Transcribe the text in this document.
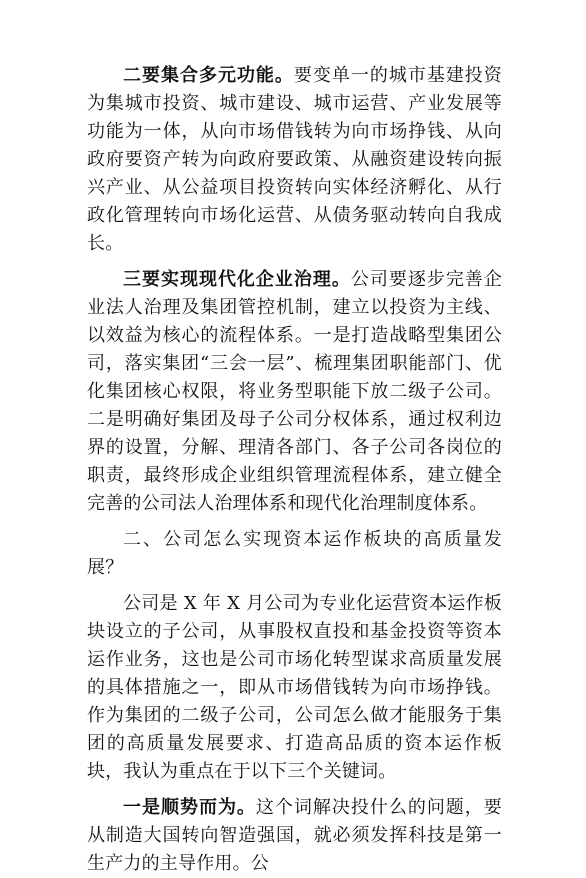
二要集合多元功能。要变单一的城市基建投资为集城市投资、城市建设、城市运营、产业发展等功能为一体，从向市场借钱转为向市场挣钱、从向政府要资产转为向政府要政策、从融资建设转向振兴产业、从公益项目投资转向实体经济孵化、从行政化管理转向市场化运营、从债务驱动转向自我成长。

三要实现现代化企业治理。公司要逐步完善企业法人治理及集团管控机制，建立以投资为主线、以效益为核心的流程体系。一是打造战略型集团公司，落实集团“三会一层”、梳理集团职能部门、优化集团核心权限，将业务型职能下放二级子公司。二是明确好集团及母子公司分权体系，通过权利边界的设置，分解、理清各部门、各子公司各岗位的职责，最终形成企业组织管理流程体系，建立健全完善的公司法人治理体系和现代化治理制度体系。

二、公司怎么实现资本运作板块的高质量发展？

公司是 X 年 X 月公司为专业化运营资本运作板块设立的子公司，从事股权直投和基金投资等资本运作业务，这也是公司市场化转型谋求高质量发展的具体措施之一，即从市场借钱转为向市场挣钱。作为集团的二级子公司，公司怎么做才能服务于集团的高质量发展要求、打造高品质的资本运作板块，我认为重点在于以下三个关键词。

一是顺势而为。这个词解决投什么的问题，要从制造大国转向智造强国，就必须发挥科技是第一生产力的主导作用。公
